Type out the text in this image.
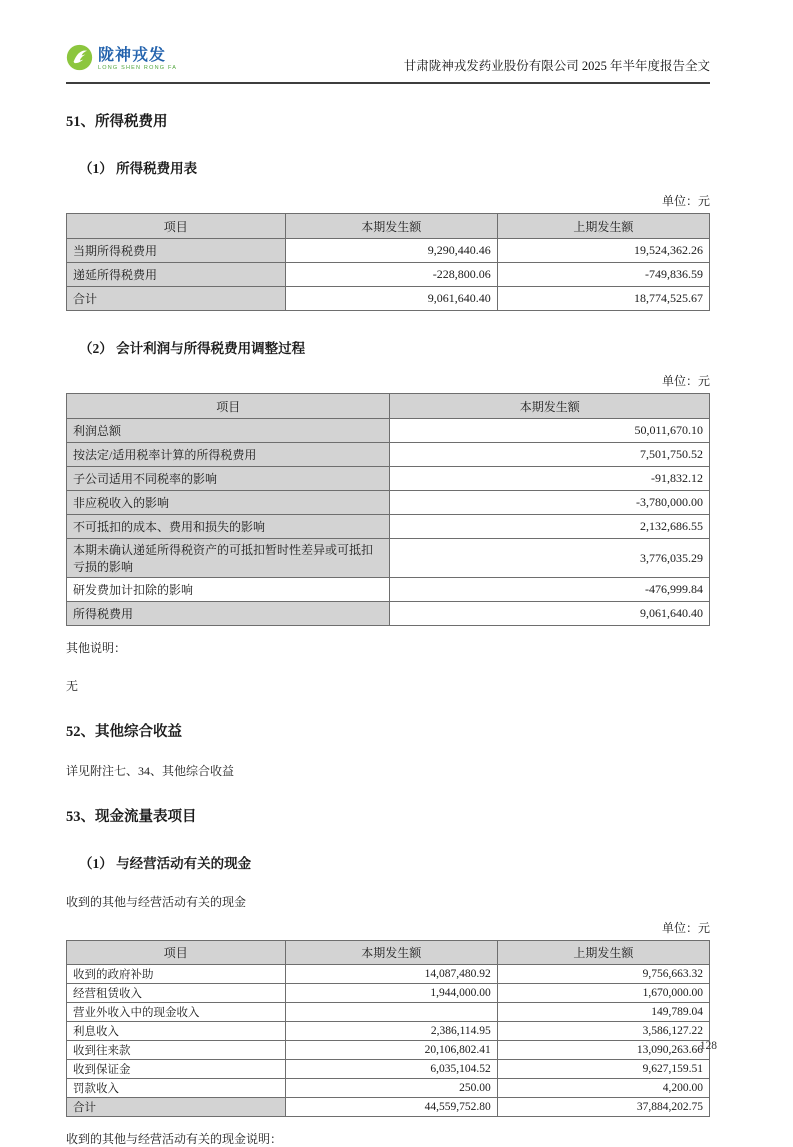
陇神戎发
LONG SHEN RONG FA	甘肃陇神戎发药业股份有限公司 2025 年半年度报告全文

51、所得税费用

（1） 所得税费用表

单位：元

项目	本期发生额	上期发生额
当期所得税费用	9,290,440.46	19,524,362.26
递延所得税费用	-228,800.06	-749,836.59
合计	9,061,640.40	18,774,525.67

（2） 会计利润与所得税费用调整过程

单位：元

项目	本期发生额
利润总额	50,011,670.10
按法定/适用税率计算的所得税费用	7,501,750.52
子公司适用不同税率的影响	-91,832.12
非应税收入的影响	-3,780,000.00
不可抵扣的成本、费用和损失的影响	2,132,686.55
本期未确认递延所得税资产的可抵扣暂时性差异或可抵扣亏损的影响	3,776,035.29
研发费加计扣除的影响	-476,999.84
所得税费用	9,061,640.40

其他说明：

无

52、其他综合收益

详见附注七、34、其他综合收益

53、现金流量表项目

（1） 与经营活动有关的现金

收到的其他与经营活动有关的现金

单位：元

项目	本期发生额	上期发生额
收到的政府补助	14,087,480.92	9,756,663.32
经营租赁收入	1,944,000.00	1,670,000.00
营业外收入中的现金收入		149,789.04
利息收入	2,386,114.95	3,586,127.22
收到往来款	20,106,802.41	13,090,263.66
收到保证金	6,035,104.52	9,627,159.51
罚款收入	250.00	4,200.00
合计	44,559,752.80	37,884,202.75

收到的其他与经营活动有关的现金说明：

128
